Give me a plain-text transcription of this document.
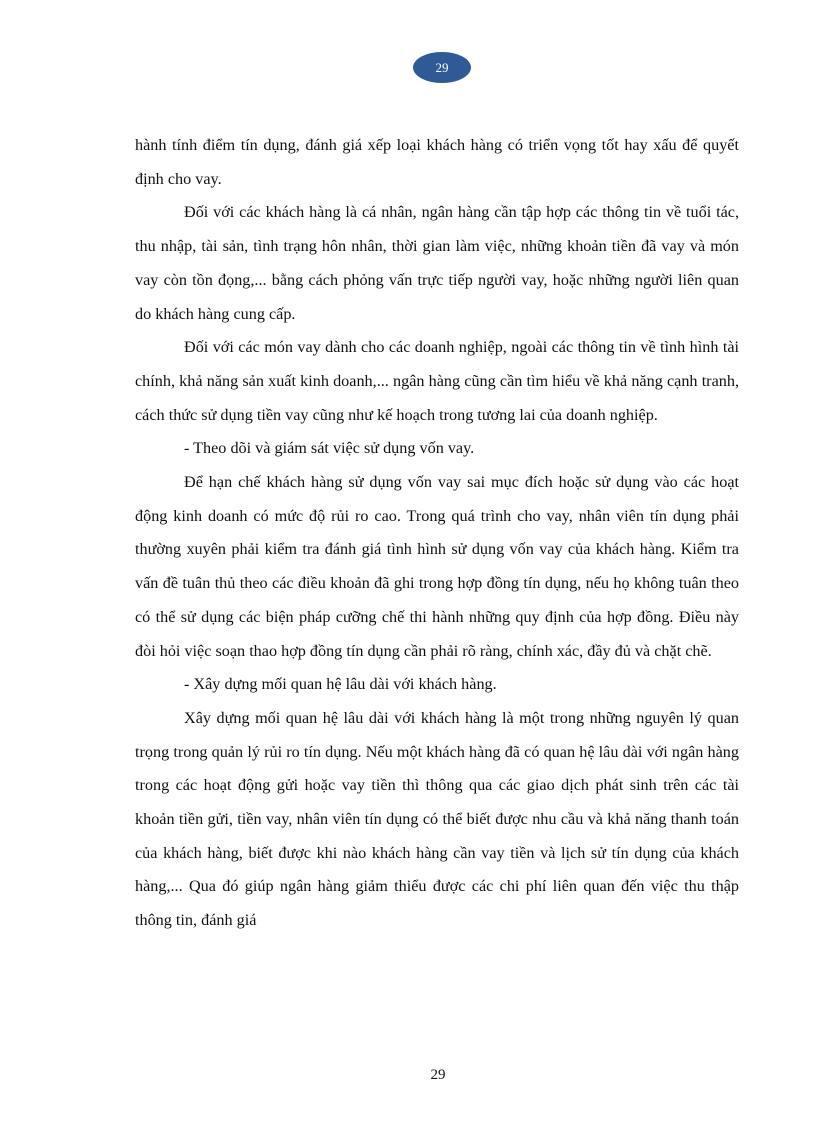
29

hành tính điểm tín dụng, đánh giá xếp loại khách hàng có triển vọng tốt hay xấu để quyết định cho vay.

Đối với các khách hàng là cá nhân, ngân hàng cần tập hợp các thông tin về tuổi tác, thu nhập, tài sản, tình trạng hôn nhân, thời gian làm việc, những khoản tiền đã vay và món vay còn tồn đọng,... bằng cách phỏng vấn trực tiếp người vay, hoặc những người liên quan do khách hàng cung cấp.

Đối với các món vay dành cho các doanh nghiệp, ngoài các thông tin về tình hình tài chính, khả năng sản xuất kinh doanh,... ngân hàng cũng cần tìm hiểu về khả năng cạnh tranh, cách thức sử dụng tiền vay cũng như kế hoạch trong tương lai của doanh nghiệp.

- Theo dõi và giám sát việc sử dụng vốn vay.

Để hạn chế khách hàng sử dụng vốn vay sai mục đích hoặc sử dụng vào các hoạt động kinh doanh có mức độ rủi ro cao. Trong quá trình cho vay, nhân viên tín dụng phải thường xuyên phải kiểm tra đánh giá tình hình sử dụng vốn vay của khách hàng. Kiểm tra vấn đề tuân thủ theo các điều khoản đã ghi trong hợp đồng tín dụng, nếu họ không tuân theo có thể sử dụng các biện pháp cưỡng chế thi hành những quy định của hợp đồng. Điều này đòi hỏi việc soạn thao hợp đồng tín dụng cần phải rõ ràng, chính xác, đầy đủ và chặt chẽ.

- Xây dựng mối quan hệ lâu dài với khách hàng.

Xây dựng mối quan hệ lâu dài với khách hàng là một trong những nguyên lý quan trọng trong quản lý rủi ro tín dụng. Nếu một khách hàng đã có quan hệ lâu dài với ngân hàng trong các hoạt động gửi hoặc vay tiền thì thông qua các giao dịch phát sinh trên các tài khoản tiền gửi, tiền vay, nhân viên tín dụng có thể biết được nhu cầu và khả năng thanh toán của khách hàng, biết được khi nào khách hàng cần vay tiền và lịch sử tín dụng của khách hàng,... Qua đó giúp ngân hàng giảm thiểu được các chi phí liên quan đến việc thu thập thông tin, đánh giá

29
